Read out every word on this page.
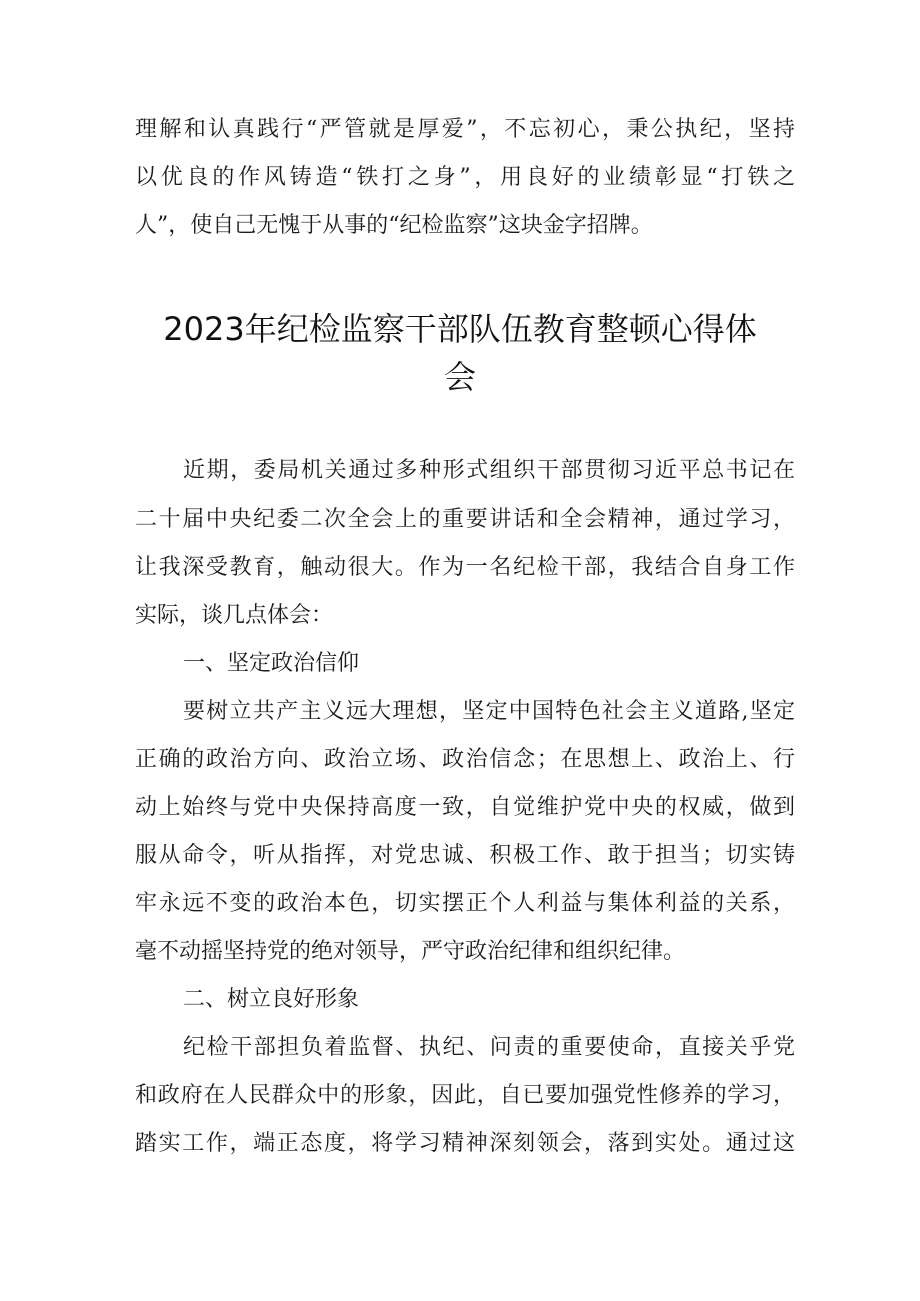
理解和认真践行“严管就是厚爱”，不忘初心，秉公执纪，坚持
以优良的作风铸造“铁打之身”，用良好的业绩彰显“打铁之
人”，使自己无愧于从事的“纪检监察”这块金字招牌。
2023年纪检监察干部队伍教育整顿心得体
会
近期，委局机关通过多种形式组织干部贯彻习近平总书记在
二十届中央纪委二次全会上的重要讲话和全会精神，通过学习，
让我深受教育，触动很大。作为一名纪检干部，我结合自身工作
实际，谈几点体会：
一、坚定政治信仰
要树立共产主义远大理想，坚定中国特色社会主义道路,坚定
正确的政治方向、政治立场、政治信念；在思想上、政治上、行
动上始终与党中央保持高度一致，自觉维护党中央的权威，做到
服从命令，听从指挥，对党忠诚、积极工作、敢于担当；切实铸
牢永远不变的政治本色，切实摆正个人利益与集体利益的关系，
毫不动摇坚持党的绝对领导，严守政治纪律和组织纪律。
二、树立良好形象
纪检干部担负着监督、执纪、问责的重要使命，直接关乎党
和政府在人民群众中的形象，因此，自已要加强党性修养的学习，
踏实工作，端正态度，将学习精神深刻领会，落到实处。通过这
